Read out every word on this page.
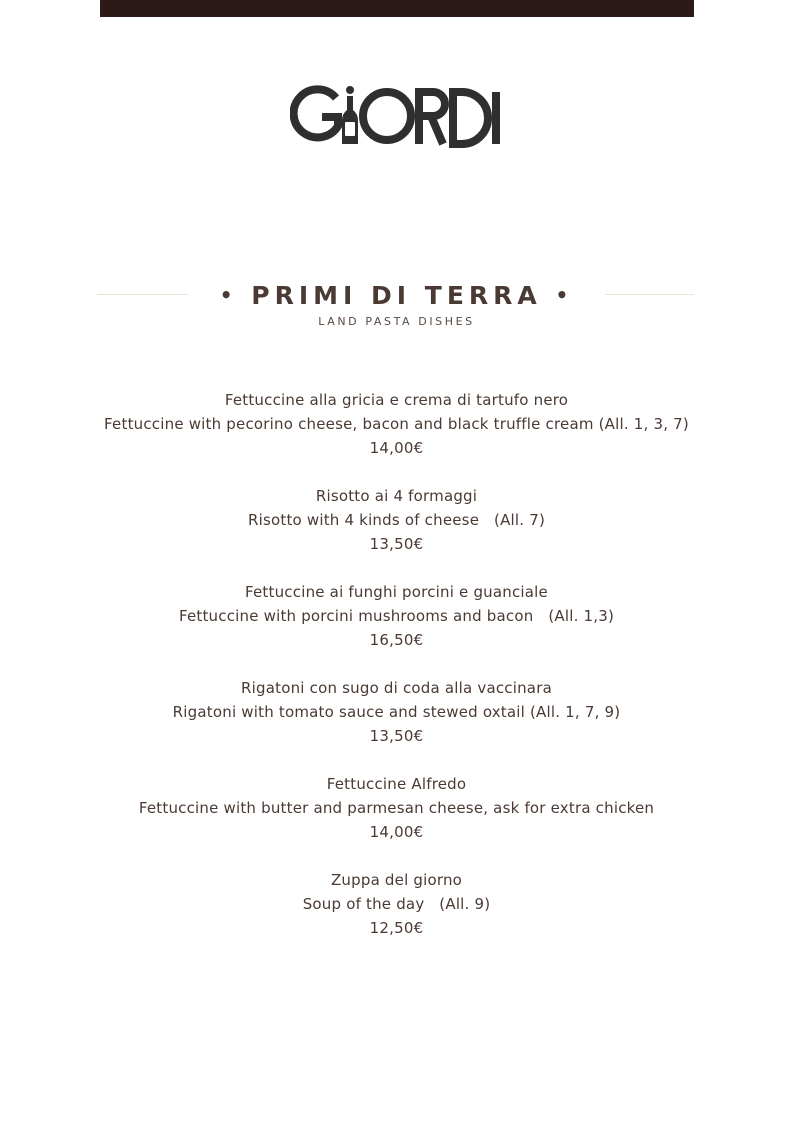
• PRIMI DI TERRA •
LAND PASTA DISHES
Fettuccine alla gricia e crema di tartufo nero
Fettuccine with pecorino cheese, bacon and black truffle cream (All. 1, 3, 7)
14,00€
Risotto ai 4 formaggi
Risotto with 4 kinds of cheese   (All. 7)
13,50€
Fettuccine ai funghi porcini e guanciale
Fettuccine with porcini mushrooms and bacon   (All. 1,3)
16,50€
Rigatoni con sugo di coda alla vaccinara
Rigatoni with tomato sauce and stewed oxtail (All. 1, 7, 9)
13,50€
Fettuccine Alfredo
Fettuccine with butter and parmesan cheese, ask for extra chicken
14,00€
Zuppa del giorno
Soup of the day   (All. 9)
12,50€
